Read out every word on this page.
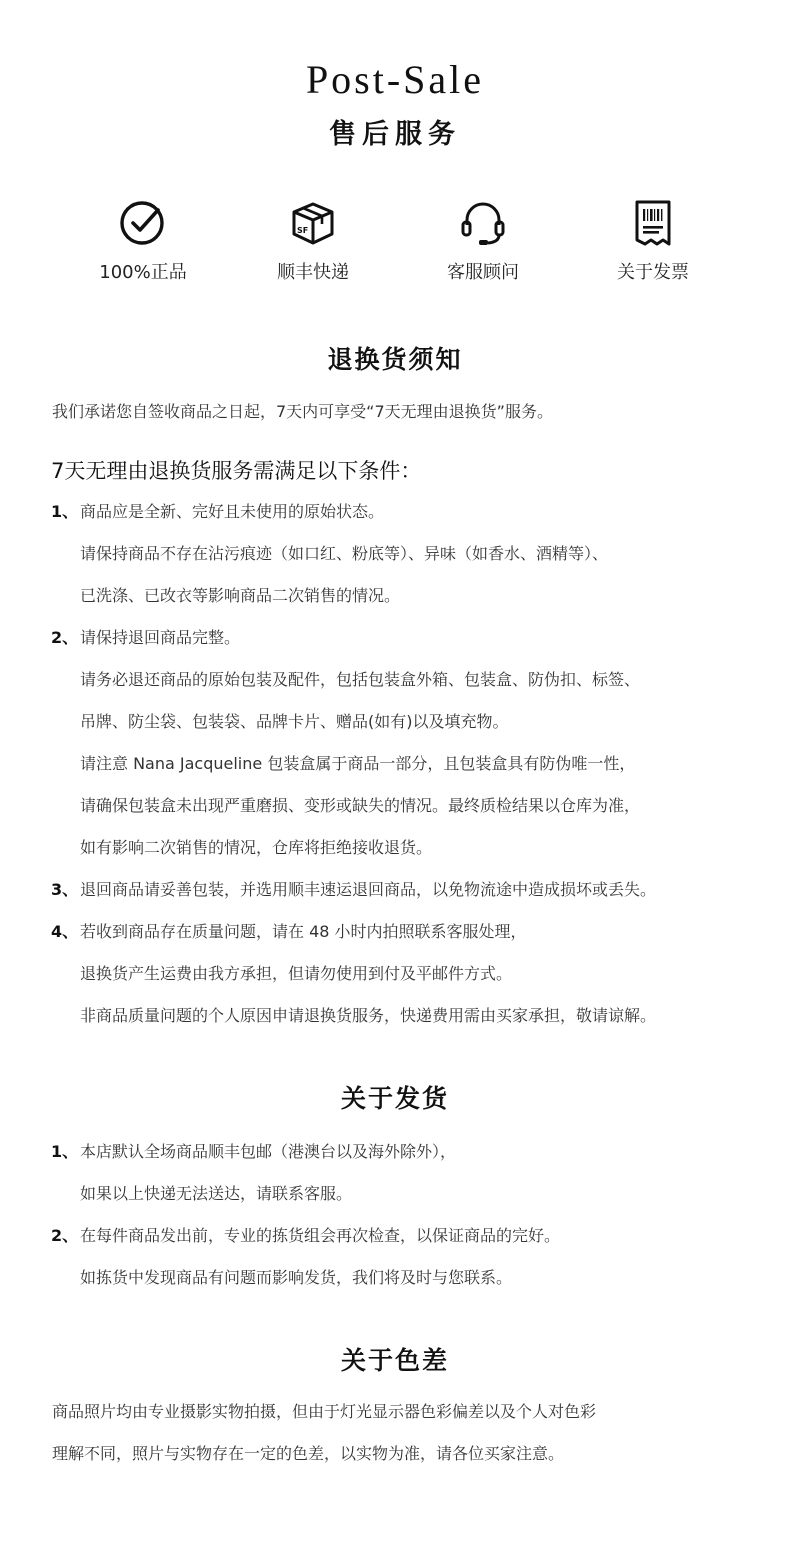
Post-Sale
售后服务
100%正品
SF
顺丰快递	客服顾问	关于发票
退换货须知
我们承诺您自签收商品之日起，7天内可享受“7天无理由退换货”服务。
7天无理由退换货服务需满足以下条件：
1、 商品应是全新、完好且未使用的原始状态。
请保持商品不存在沾污痕迹（如口红、粉底等）、异味（如香水、酒精等）、
已洗涤、已改衣等影响商品二次销售的情况。
2、 请保持退回商品完整。
请务必退还商品的原始包装及配件，包括包装盒外箱、包装盒、防伪扣、标签、
吊牌、防尘袋、包装袋、品牌卡片、赠品(如有)以及填充物。
请注意 Nana Jacqueline 包装盒属于商品一部分，且包装盒具有防伪唯一性，
请确保包装盒未出现严重磨损、变形或缺失的情况。最终质检结果以仓库为准，
如有影响二次销售的情况，仓库将拒绝接收退货。
3、 退回商品请妥善包装，并选用顺丰速运退回商品，以免物流途中造成损坏或丢失。
4、 若收到商品存在质量问题，请在 48 小时内拍照联系客服处理，
退换货产生运费由我方承担，但请勿使用到付及平邮件方式。
非商品质量问题的个人原因申请退换货服务，快递费用需由买家承担，敬请谅解。
关于发货
1、 本店默认全场商品顺丰包邮（港澳台以及海外除外），
如果以上快递无法送达，请联系客服。
2、 在每件商品发出前，专业的拣货组会再次检查，以保证商品的完好。
如拣货中发现商品有问题而影响发货，我们将及时与您联系。
关于色差
商品照片均由专业摄影实物拍摄，但由于灯光显示器色彩偏差以及个人对色彩
理解不同，照片与实物存在一定的色差，以实物为准，请各位买家注意。
